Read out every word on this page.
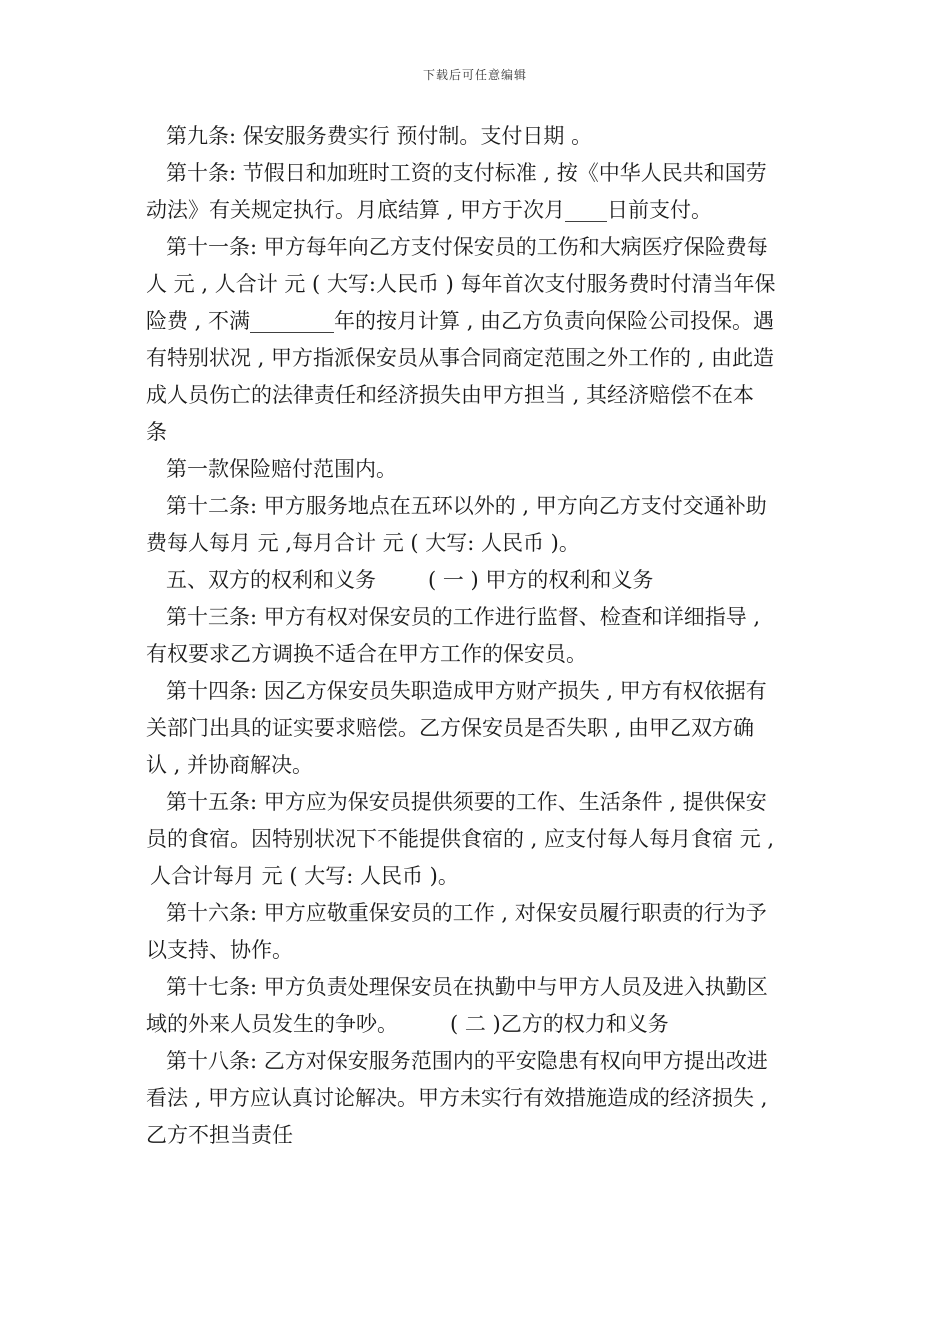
下载后可任意编辑
第九条: 保安服务费实行 预付制。支付日期 。
第十条: 节假日和加班时工资的支付标准 , 按《中华人民共和国劳
动法》有关规定执行。月底结算 , 甲方于次月____日前支付。
第十一条: 甲方每年向乙方支付保安员的工伤和大病医疗保险费每
人 元 , 人合计 元 ( 大写:人民币 ) 每年首次支付服务费时付清当年保
险费 , 不满________年的按月计算 , 由乙方负责向保险公司投保。遇
有特别状况 , 甲方指派保安员从事合同商定范围之外工作的 , 由此造
成人员伤亡的法律责任和经济损失由甲方担当 , 其经济赔偿不在本
条
第一款保险赔付范围内。
第十二条: 甲方服务地点在五环以外的 , 甲方向乙方支付交通补助
费每人每月 元 ,每月合计 元 ( 大写: 人民币 )。
五、双方的权利和义务 ( 一 ) 甲方的权利和义务
第十三条: 甲方有权对保安员的工作进行监督、检查和详细指导 ,
有权要求乙方调换不适合在甲方工作的保安员。
第十四条: 因乙方保安员失职造成甲方财产损失 , 甲方有权依据有
关部门出具的证实要求赔偿。乙方保安员是否失职 , 由甲乙双方确
认 , 并协商解决。
第十五条: 甲方应为保安员提供须要的工作、生活条件 , 提供保安
员的食宿。因特别状况下不能提供食宿的 , 应支付每人每月食宿 元 ,
人合计每月 元 ( 大写: 人民币 )。
第十六条: 甲方应敬重保安员的工作 , 对保安员履行职责的行为予
以支持、协作。
第十七条: 甲方负责处理保安员在执勤中与甲方人员及进入执勤区
域的外来人员发生的争吵。 ( 二 )乙方的权力和义务
第十八条: 乙方对保安服务范围内的平安隐患有权向甲方提出改进
看法 , 甲方应认真讨论解决。甲方未实行有效措施造成的经济损失 ,
乙方不担当责任
